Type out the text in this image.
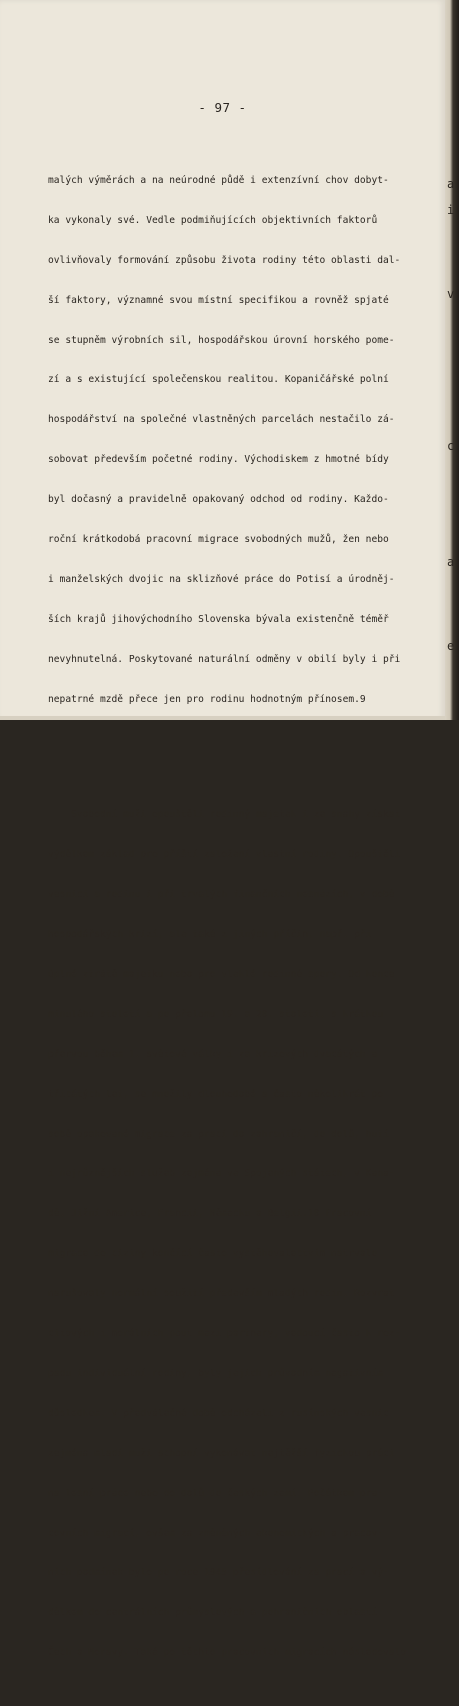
- 97 -

malých výměrách a na neúrodné půdě i extenzívní chov dobyt-

ka vykonaly své. Vedle podmiňujících objektivních faktorů

ovlivňovaly formování způsobu života rodiny této oblasti dal-

ší faktory, významné svou místní specifikou a rovněž spjaté

se stupněm výrobních sil, hospodářskou úrovní horského pome-

zí a s existující společenskou realitou. Kopaničářské polní

hospodářství na společné vlastněných parcelách nestačilo zá-

sobovat především početné rodiny. Východiskem z hmotné bídy

byl dočasný a pravidelně opakovaný odchod od rodiny. Každo-

roční krátkodobá pracovní migrace svobodných mužů, žen nebo

i manželských dvojic na sklizňové práce do Potisí a úrodněj-

ších krajů jihovýchodního Slovenska bývala existenčně téměř

nevyhnutelná. Poskytované naturální odměny v obilí byly i při

nepatrné mzdě přece jen pro rodinu hodnotným přínosem.9

Svobodní muži opouštěli rodinný majetek i ze snahy získat

výdělkem základ pro příští založení vlastní rodiny. Opouštěli

vesnici a rodinu i při trvalých finančních nesnázích, v době

hospodářských krizí, ale také z jiných příčin, např. při

úplné ztrátě majetku nebo pro vleklé rodinné spory. Od konce

minulého století a po přelomu 19. a 20. století, s krátkou

přervou během 1. světové války i za krizových dvacátých a

třicátých let, se množily dlouhodobé a často několikrát po

sobě opakované migrace za prací do zahraničí, do dolů, hutí

i nejrůznějších služeb zejména ve Spojených státech, v Kana-

dě, Jižní Americe, Francii, Německu a Belgii.10 Pracovní

migrace do ciziny končící často vystěhovalectvím natrvalo

narušovaly normální soužití především mladých rodin. Rozvrat

citových i morálních pout mezi partnery, vedoucí často k roz-

padu individuální rodiny, byly jejich průvodním negativním

důsledkem. V předválečné době odcházeli z rusínských vesnic

zejména mladí muži schopní vykonávat nejtěžší fyzickou práci

na lesní práce nebo do dolů do českých zemí. Počátkem pra-

covních migrací, ovšem za změněných ekonomických a pracov-

ních podmínek bylo po roce 1945 přesídlování za prací a vý-

dělkem do centrálních průmyslových a pohraničních oblastí

Čech a Moravy. Také po těchto pracovních migracích následovalo

a
i
v
c
a
e
